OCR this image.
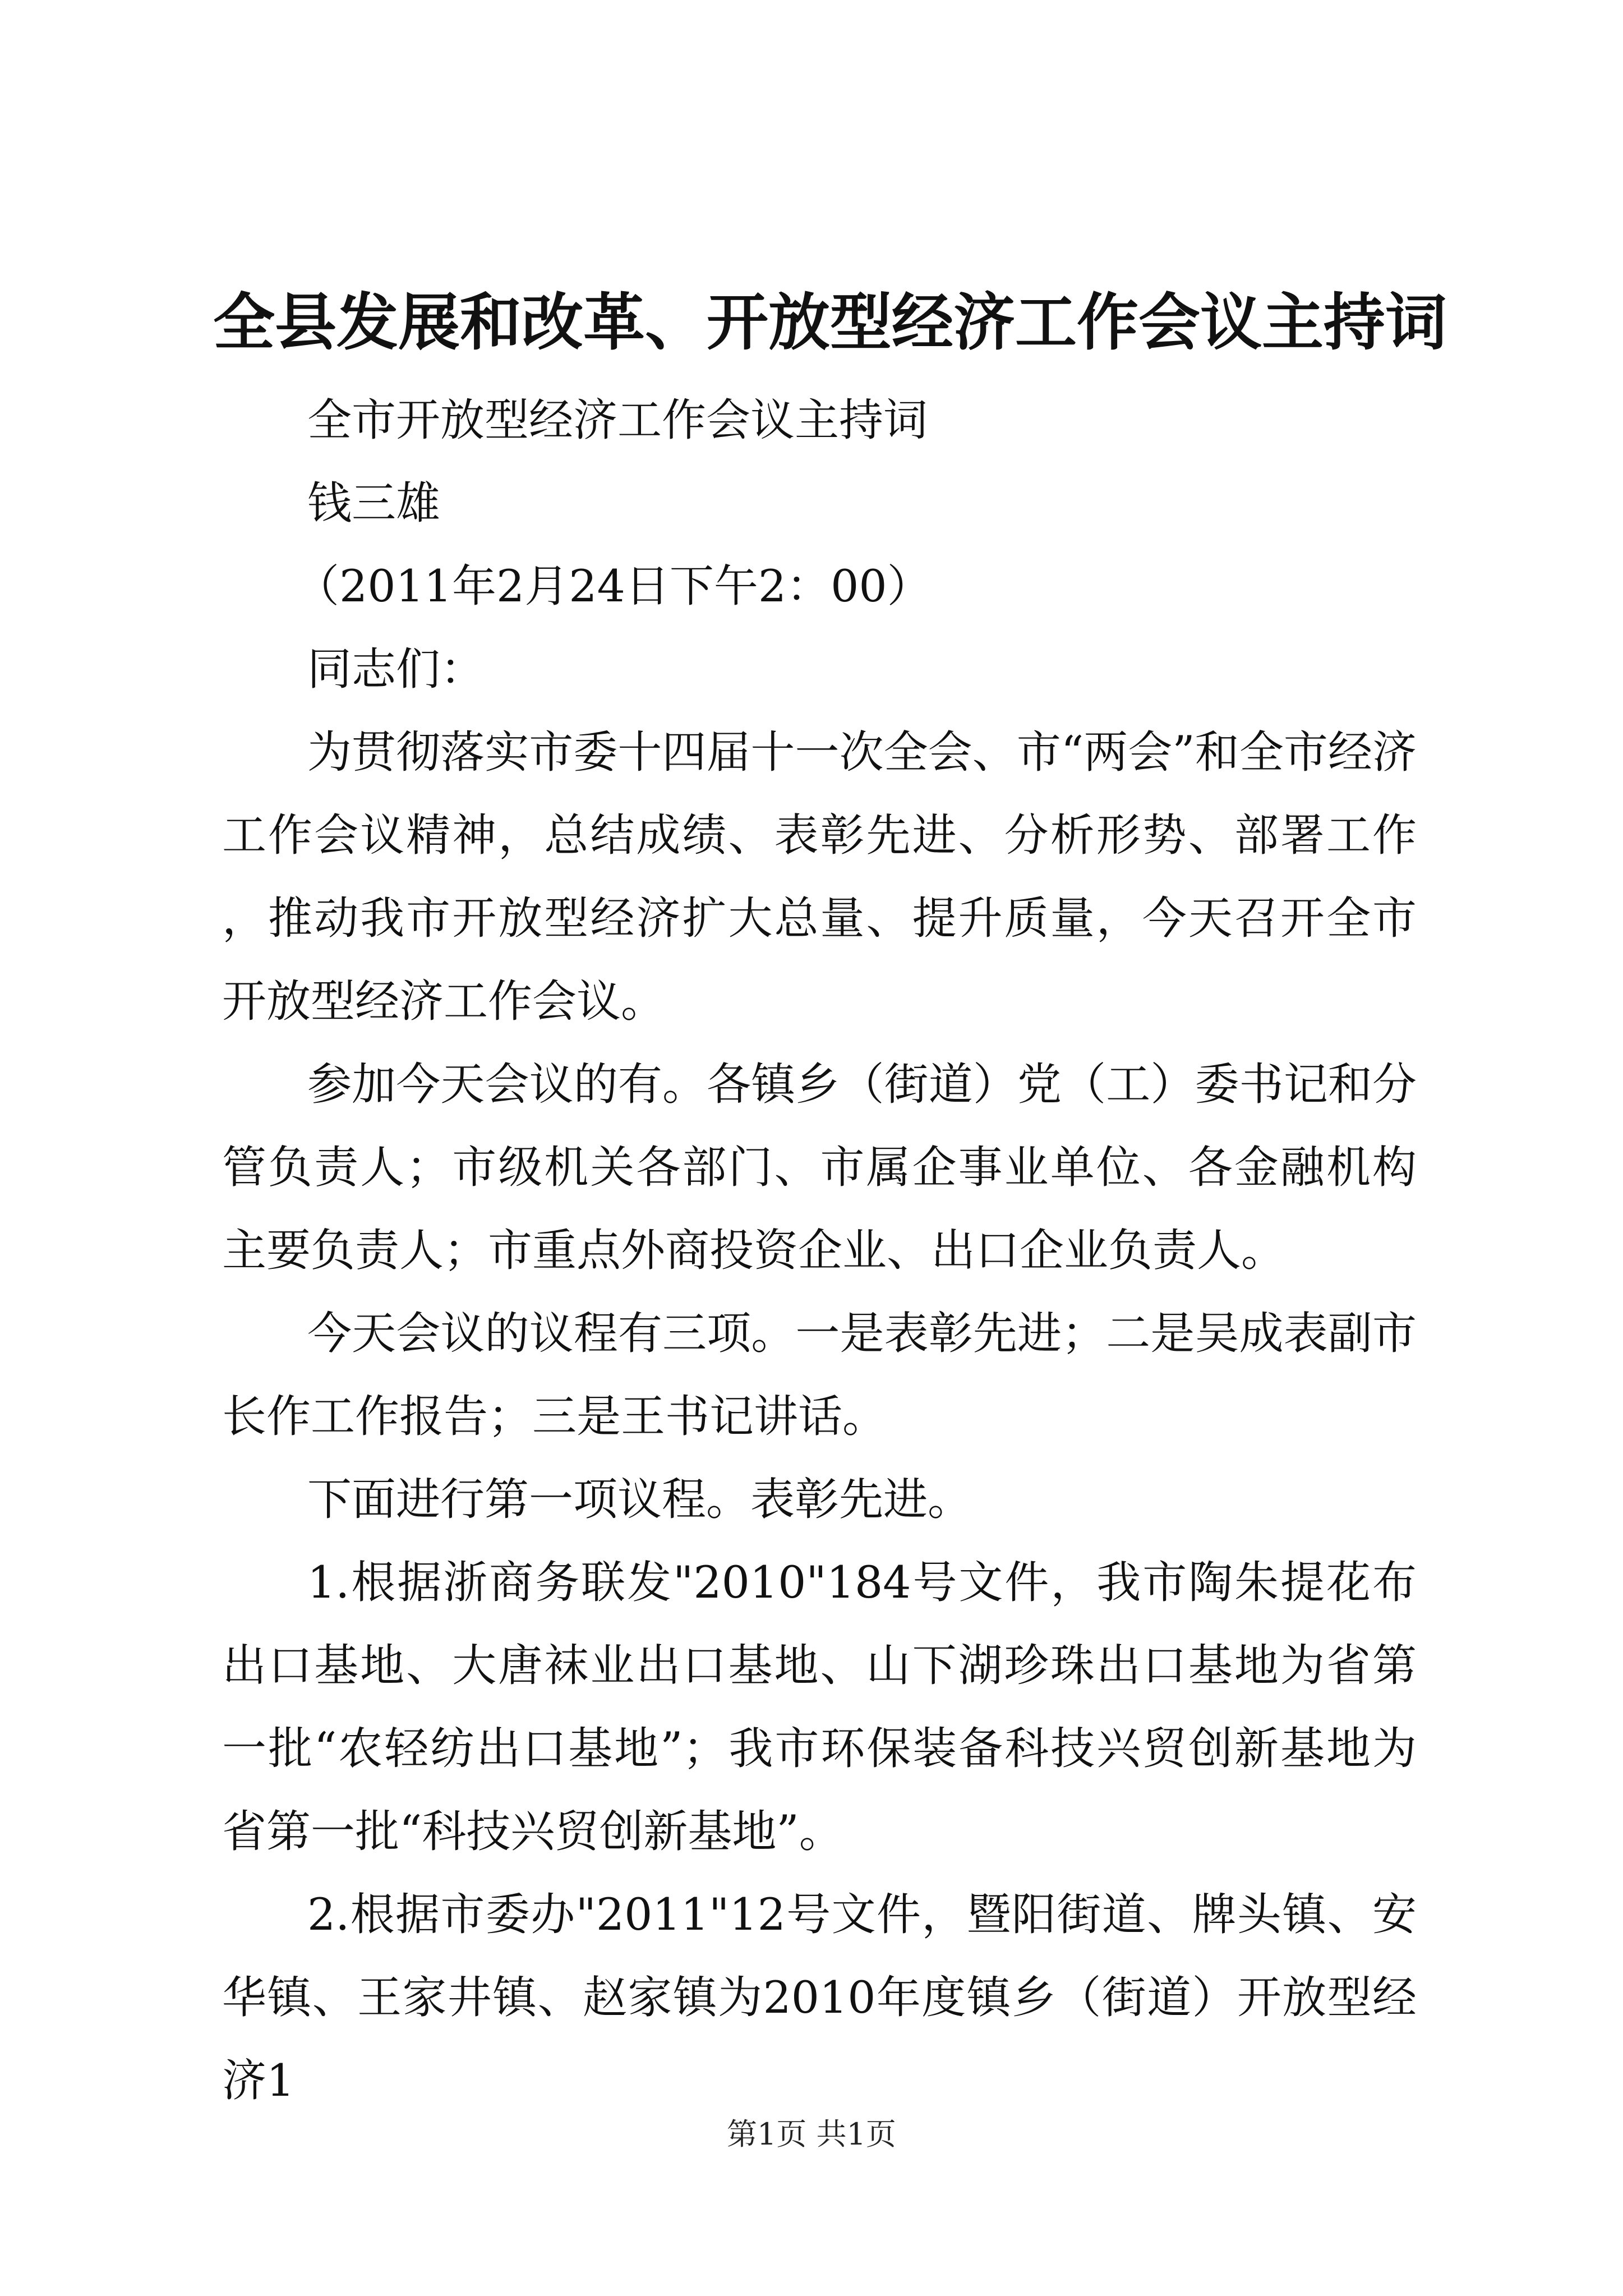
全县发展和改革、开放型经济工作会议主持词

全市开放型经济工作会议主持词

钱三雄

（2011年2月24日下午2：00）

同志们：

为贯彻落实市委十四届十一次全会、市“两会”和全市经济工作会议精神，总结成绩、表彰先进、分析形势、部署工作，推动我市开放型经济扩大总量、提升质量，今天召开全市开放型经济工作会议。

参加今天会议的有。各镇乡（街道）党（工）委书记和分管负责人；市级机关各部门、市属企事业单位、各金融机构主要负责人；市重点外商投资企业、出口企业负责人。

今天会议的议程有三项。一是表彰先进；二是吴成表副市长作工作报告；三是王书记讲话。

下面进行第一项议程。表彰先进。

1.根据浙商务联发"2010"184号文件，我市陶朱提花布出口基地、大唐袜业出口基地、山下湖珍珠出口基地为省第一批“农轻纺出口基地”；我市环保装备科技兴贸创新基地为省第一批“科技兴贸创新基地”。

2.根据市委办"2011"12号文件，暨阳街道、牌头镇、安华镇、王家井镇、赵家镇为2010年度镇乡（街道）开放型经济1

第1页 共1页
